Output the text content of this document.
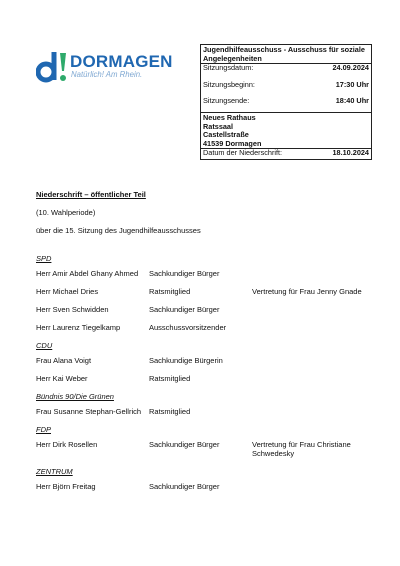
DORMAGEN
Natürlich! Am Rhein.
Jugendhilfeausschuss - Ausschuss für soziale Angelegenheiten
Sitzungsdatum:	24.09.2024
Sitzungsbeginn:	17:30 Uhr
Sitzungsende:	18:40 Uhr
Neues Rathaus
Ratssaal
Castellstraße
41539 Dormagen
Datum der Niederschrift:	18.10.2024

Niederschrift – öffentlicher Teil

(10. Wahlperiode)

über die 15. Sitzung des Jugendhilfeausschusses

SPD
Herr Amir Abdel Ghany Ahmed	Sachkundiger Bürger
Herr Michael Dries	Ratsmitglied	Vertretung für Frau Jenny Gnade
Herr Sven Schwidden	Sachkundiger Bürger
Herr Laurenz Tiegelkamp	Ausschussvorsitzender
CDU
Frau Alana Voigt	Sachkundige Bürgerin
Herr Kai Weber	Ratsmitglied
Bündnis 90/Die Grünen
Frau Susanne Stephan-Gellrich	Ratsmitglied
FDP
Herr Dirk Rosellen	Sachkundiger Bürger	Vertretung für Frau Christiane Schwedesky
ZENTRUM
Herr Björn Freitag	Sachkundiger Bürger
